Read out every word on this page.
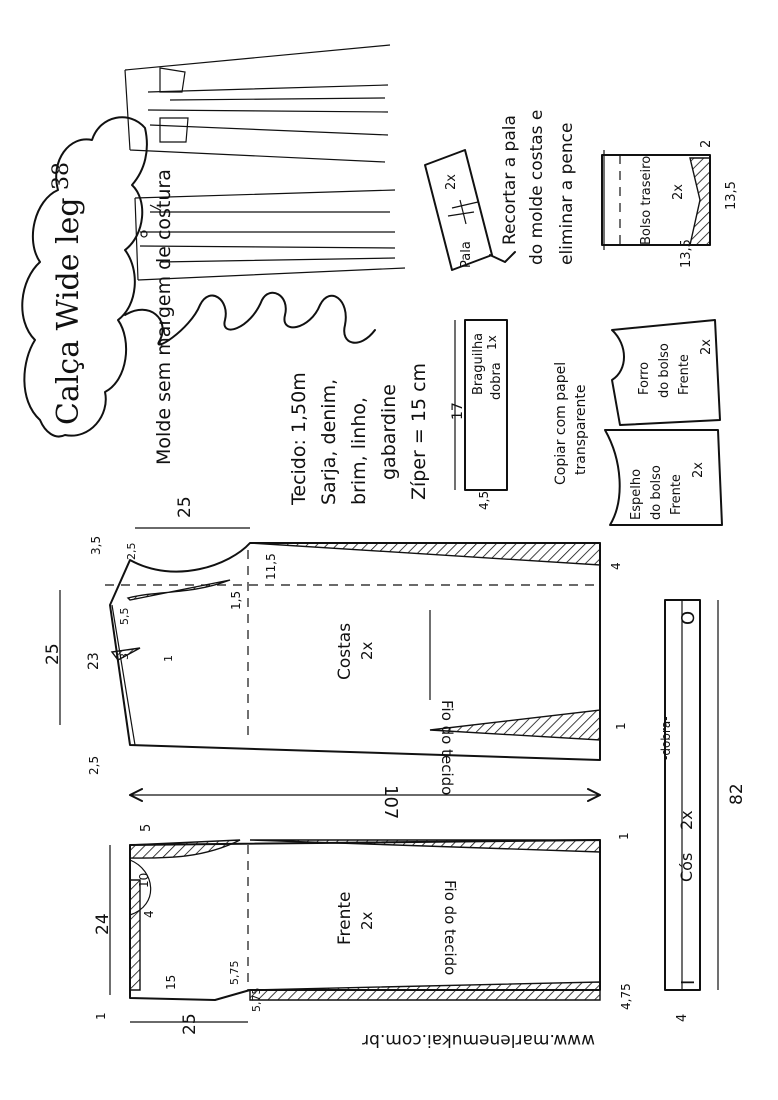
Calça Wide leg
38	Molde sem margem de costura	Tecido: 1,50m Sarja, denim, brim, linho, gabardine Zíper = 15 cm
Pala
2x Recortar a pala do molde costas e eliminar a pence	Bolso traseiro 2x
13,5
13,5
2
Braguilha 1x
dobra
17
4,5
Copiar com papel transparente
Forro do bolso Frente
2x
Espelho do bolso Frente
2x
Costas 2x
Fio do tecido
25
25
23
3,5 2,5
5,5
3	1
11,5
1,5
4
1
2,5
107
Frente 2x	Fio do tecido
24
5
10
4
15	5,75
5,75
25
1
4,75
1
Cós
2x
-dobra-
I
O
82
4
www.marlenemukai.com.br
